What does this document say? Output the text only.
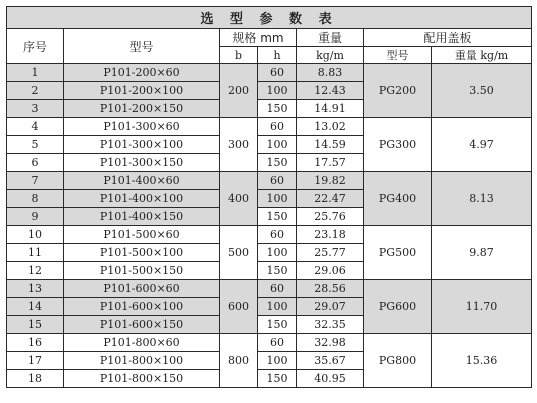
选 型 参 数 表						
序号	型号	规格 mm		重量	配用盖板	
		b	h	kg/m	型号	重量 kg/m
1	P101-200×60	200	60	8.83	PG200	3.50
2	P101-200×100		100	12.43		
3	P101-200×150		150	14.91		
4	P101-300×60	300	60	13.02	PG300	4.97
5	P101-300×100		100	14.59		
6	P101-300×150		150	17.57		
7	P101-400×60	400	60	19.82	PG400	8.13
8	P101-400×100		100	22.47		
9	P101-400×150		150	25.76		
10	P101-500×60	500	60	23.18	PG500	9.87
11	P101-500×100		100	25.77		
12	P101-500×150		150	29.06		
13	P101-600×60	600	60	28.56	PG600	11.70
14	P101-600×100		100	29.07		
15	P101-600×150		150	32.35		
16	P101-800×60	800	60	32.98	PG800	15.36
17	P101-800×100		100	35.67		
18	P101-800×150		150	40.95		
